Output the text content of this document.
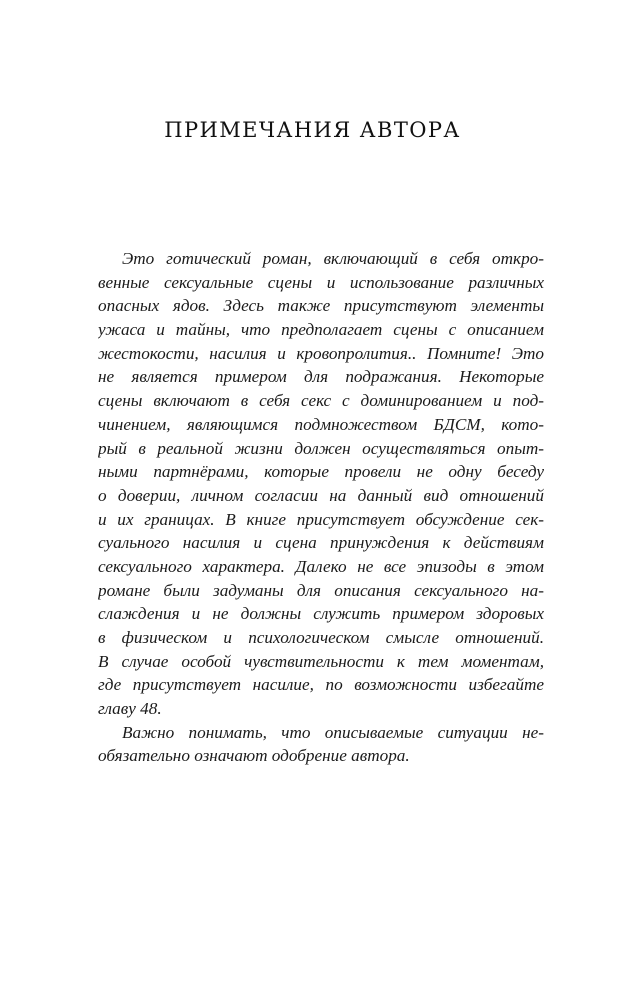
ПРИМЕЧАНИЯ АВТОРА
Это готический роман, включающий в себя откро-
венные сексуальные сцены и использование различных
опасных ядов. Здесь также присутствуют элементы
ужаса и тайны, что предполагает сцены с описанием
жестокости, насилия и кровопролития.. Помните! Это
не является примером для подражания. Некоторые
сцены включают в себя секс с доминированием и под-
чинением, являющимся подмножеством БДСМ, кото-
рый в реальной жизни должен осуществляться опыт-
ными партнёрами, которые провели не одну беседу
о доверии, личном согласии на данный вид отношений
и их границах. В книге присутствует обсуждение сек-
суального насилия и сцена принуждения к действиям
сексуального характера. Далеко не все эпизоды в этом
романе были задуманы для описания сексуального на-
слаждения и не должны служить примером здоровых
в физическом и психологическом смысле отношений.
В случае особой чувствительности к тем моментам,
где присутствует насилие, по возможности избегайте
главу 48.
Важно понимать, что описываемые ситуации не-
обязательно означают одобрение автора.
